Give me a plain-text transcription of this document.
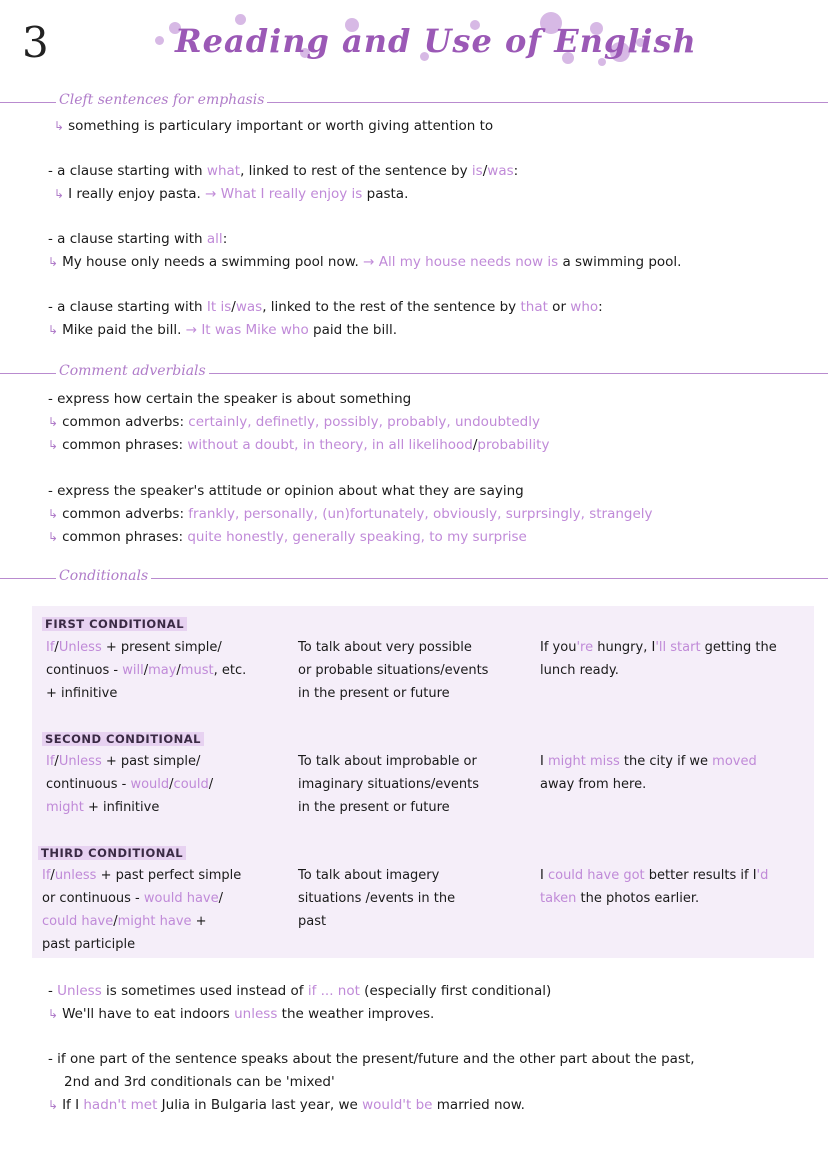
3	Reading and Use of English
Cleft sentences for emphasis
↳ something is particulary important or worth giving attention to
- a clause starting with what, linked to rest of the sentence by is/was:
↳ I really enjoy pasta. → What I really enjoy is pasta.
- a clause starting with all:
↳ My house only needs a swimming pool now. → All my house needs now is a swimming pool.
- a clause starting with It is/was, linked to the rest of the sentence by that or who:
↳ Mike paid the bill. → It was Mike who paid the bill.
Comment adverbials
- express how certain the speaker is about something
↳ common adverbs: certainly, definetly, possibly, probably, undoubtedly
↳ common phrases: without a doubt, in theory, in all likelihood/probability
- express the speaker's attitude or opinion about what they are saying
↳ common adverbs: frankly, personally, (un)fortunately, obviously, surprsingly, strangely
↳ common phrases: quite honestly, generally speaking, to my surprise
Conditionals
FIRST CONDITIONAL
If/Unless + present simple/
continuos - will/may/must, etc.
+ infinitive
To talk about very possible
or probable situations/events
in the present or future
If you're hungry, I'll start getting the
lunch ready.
SECOND CONDITIONAL
If/Unless + past simple/
continuous - would/could/
might + infinitive
To talk about improbable or
imaginary situations/events
in the present or future
I might miss the city if we moved
away from here.
THIRD CONDITIONAL
If/unless + past perfect simple
or continuous - would have/
could have/might have +
past participle
To talk about imagery
situations /events in the
past
I could have got better results if I'd
taken the photos earlier.
- Unless is sometimes used instead of if ... not (especially first conditional)
↳ We'll have to eat indoors unless the weather improves.
- if one part of the sentence speaks about the present/future and the other part about the past,
2nd and 3rd conditionals can be 'mixed'
↳ If I hadn't met Julia in Bulgaria last year, we would't be married now.
